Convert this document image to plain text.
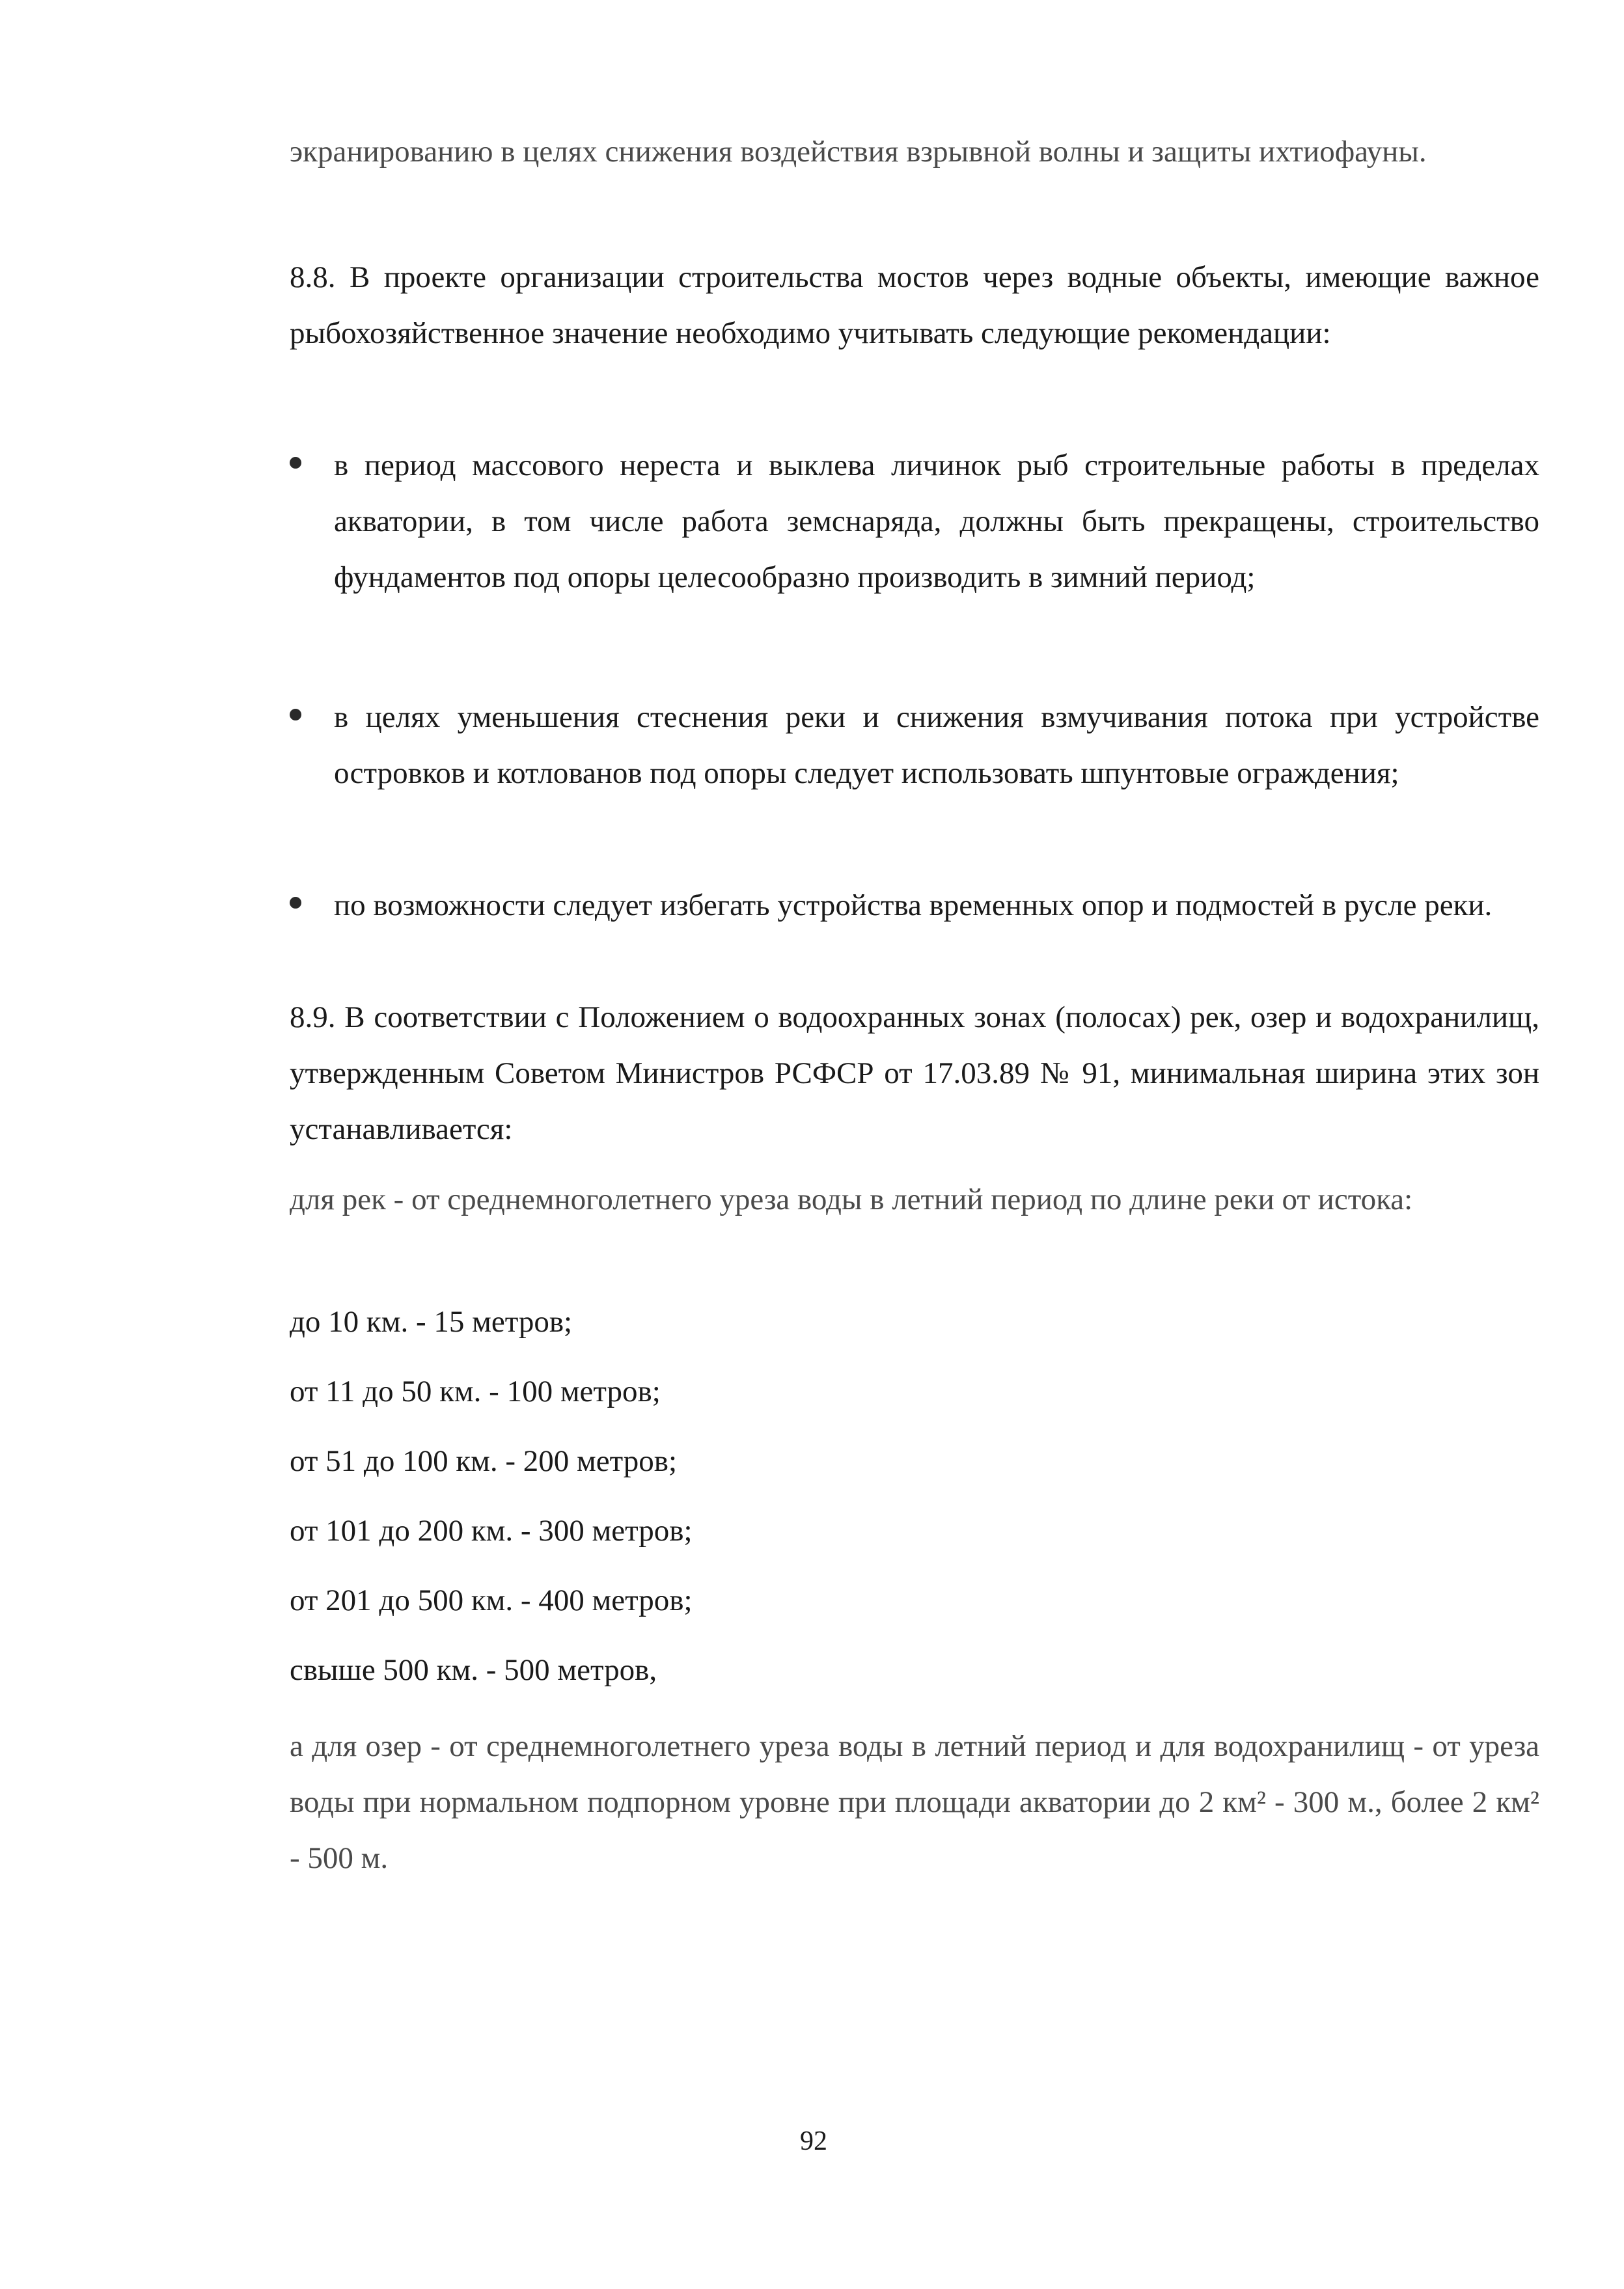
экранированию в целях снижения воздействия взрывной волны и защиты ихтиофауны.

8.8. В проекте организации строительства мостов через водные объекты, имеющие важное рыбохозяйственное значение необходимо учитывать следующие рекомендации:

в период массового нереста и выклева личинок рыб строительные работы в пределах акватории, в том числе работа земснаряда, должны быть прекращены, строительство фундаментов под опоры целесообразно производить в зимний период;

в целях уменьшения стеснения реки и снижения взмучивания потока при устройстве островков и котлованов под опоры следует использовать шпунтовые ограждения;

по возможности следует избегать устройства временных опор и подмостей в русле реки.

8.9. В соответствии с Положением о водоохранных зонах (полосах) рек, озер и водохранилищ, утвержденным Советом Министров РСФСР от 17.03.89 № 91, минимальная ширина этих зон устанавливается:

для рек - от среднемноголетнего уреза воды в летний период по длине реки от истока:

до 10 км. - 15 метров;

от 11 до 50 км. - 100 метров;

от 51 до 100 км. - 200 метров;

от 101 до 200 км. - 300 метров;

от 201 до 500 км. - 400 метров;

свыше 500 км. - 500 метров,

а для озер - от среднемноголетнего уреза воды в летний период и для водохранилищ - от уреза воды при нормальном подпорном уровне при площади акватории до 2 км² - 300 м., более 2 км² - 500 м.

92
